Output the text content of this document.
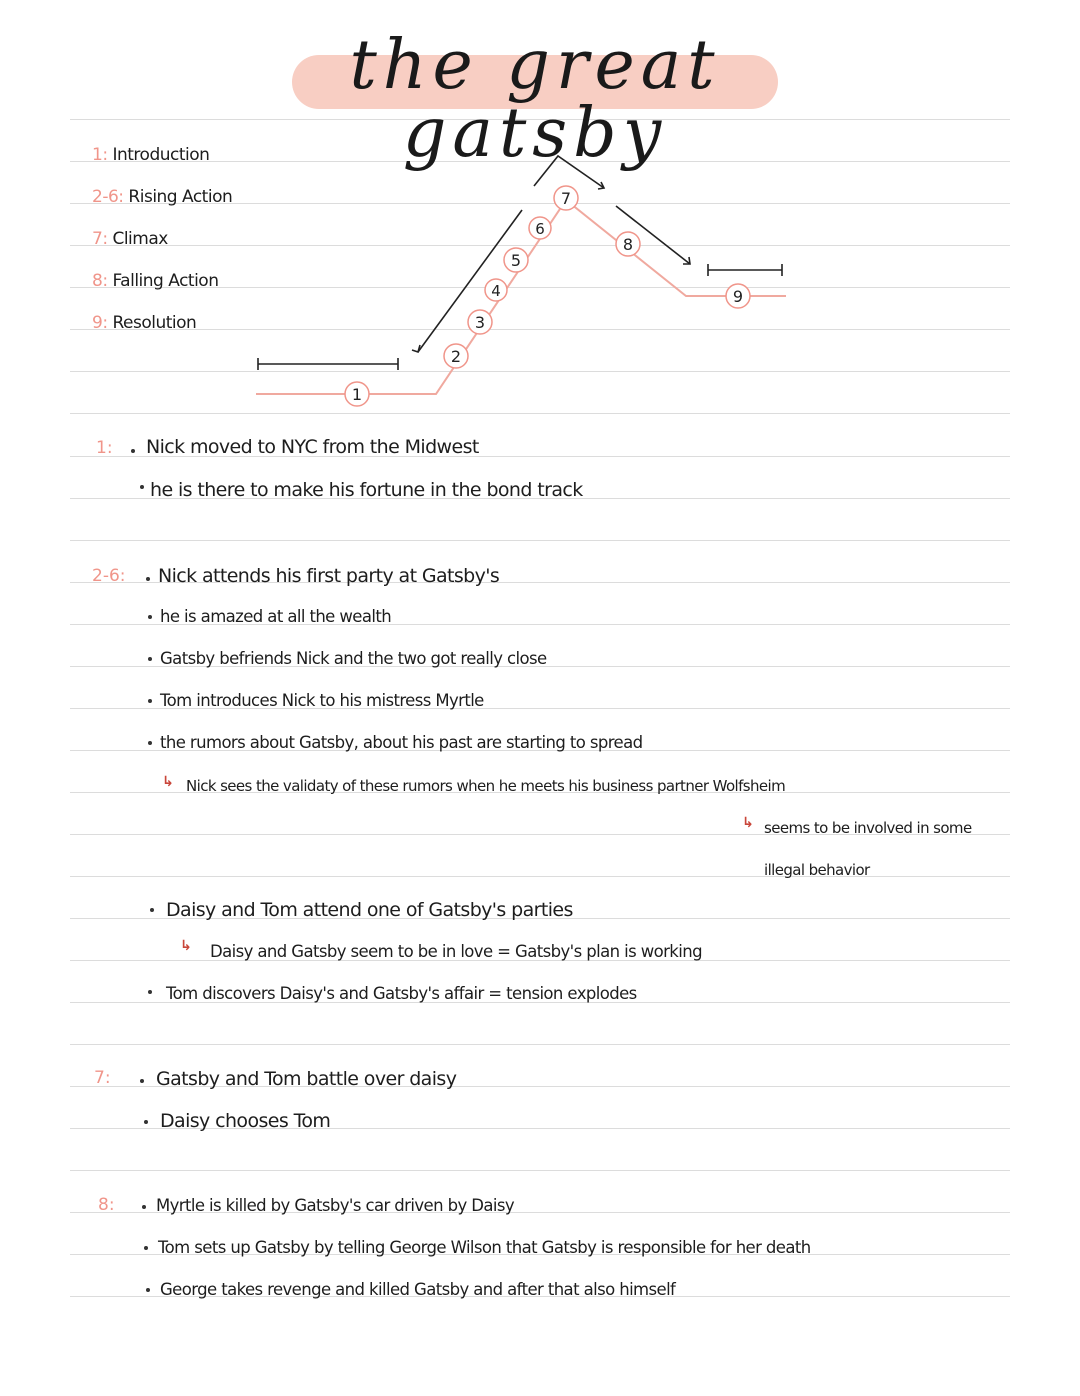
the great gatsby
1: Introduction
2-6: Rising Action
7: Climax
8: Falling Action
9: Resolution
1
2
3
4
5
6
7
8
9
1: Nick moved to NYC from the Midwest
he is there to make his fortune in the bond track
2-6: Nick attends his first party at Gatsby's
he is amazed at all the wealth
Gatsby befriends Nick and the two got really close
Tom introduces Nick to his mistress Myrtle
the rumors about Gatsby, about his past are starting to spread
↳ Nick sees the validaty of these rumors when he meets his business partner Wolfsheim
↳ seems to be involved in some
illegal behavior
Daisy and Tom attend one of Gatsby's parties
↳ Daisy and Gatsby seem to be in love = Gatsby's plan is working
Tom discovers Daisy's and Gatsby's affair = tension explodes
7: Gatsby and Tom battle over daisy
Daisy chooses Tom
8:	Myrtle is killed by Gatsby's car driven by Daisy
Tom sets up Gatsby by telling George Wilson that Gatsby is responsible for her death
George takes revenge and killed Gatsby and after that also himself
